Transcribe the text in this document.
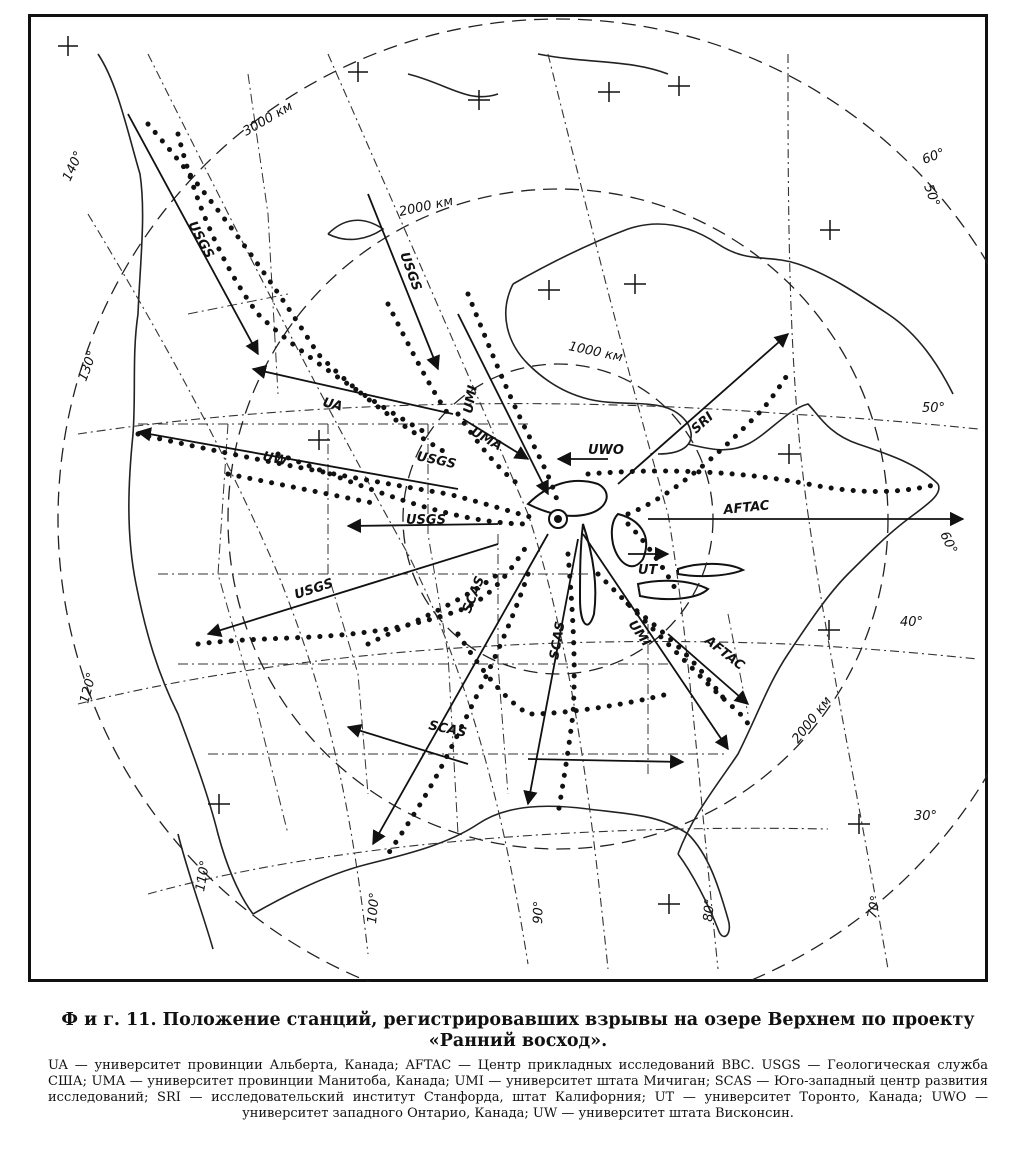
3000 км
2000 км
1000 км
2000 км
140°
130°
120°
110°
100°	90°	80°	70°
60°
60°
50°
50°
40°
30°
USGS
USGS
UA
UW	USGS
USGS
USGS
UMA
UMI
UWO
SRI
AFTAC
AFTAC
SCAS
SCAS
SCAS	UMI
UT

Ф и г. 11. Положение станций, регистрировавших взрывы на озере Верхнем по проекту «Ранний восход».

UA — университет провинции Альберта, Канада; AFTAC — Центр прикладных исследований ВВС. USGS — Геологическая служба США; UMA — университет провинции Манитоба, Канада; UMI — университет штата Мичиган; SCAS — Юго-западный центр развития исследований; SRI — исследовательский институт Станфорда, штат Калифорния; UT — университет Торонто, Канада; UWO — университет западного Онтарио, Канада; UW — университет штата Висконсин.
